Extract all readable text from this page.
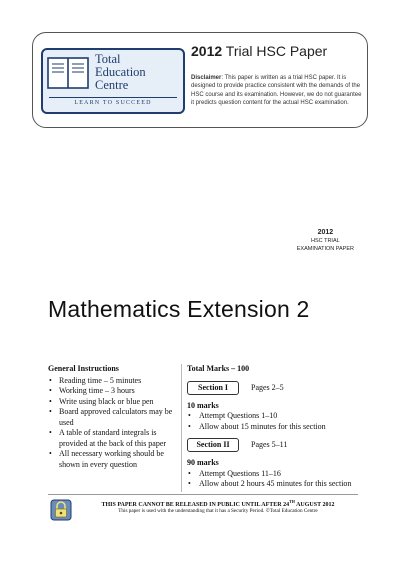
Total
Education
Centre
LEARN TO SUCCEED
2012 Trial HSC Paper
Disclaimer: This paper is written as a trial HSC paper. It is designed to provide practice consistent with the demands of the HSC course and its examination. However, we do not guarantee it predicts question content for the actual HSC examination.
2012
HSC TRIAL
EXAMINATION PAPER
Mathematics Extension 2
General Instructions
• Reading time – 5 minutes
• Working time – 3 hours
• Write using black or blue pen
• Board approved calculators may be used
• A table of standard integrals is provided at the back of this paper
• All necessary working should be shown in every question
Total Marks – 100
Section I	Pages 2–5
10 marks
• Attempt Questions 1–10
• Allow about 15 minutes for this section
Section II	Pages 5–11
90 marks
• Attempt Questions 11–16
• Allow about 2 hours 45 minutes for this section
THIS PAPER CANNOT BE RELEASED IN PUBLIC UNTIL AFTER 24TH AUGUST 2012
This paper is used with the understanding that it has a Security Period. ©Total Education Centre
